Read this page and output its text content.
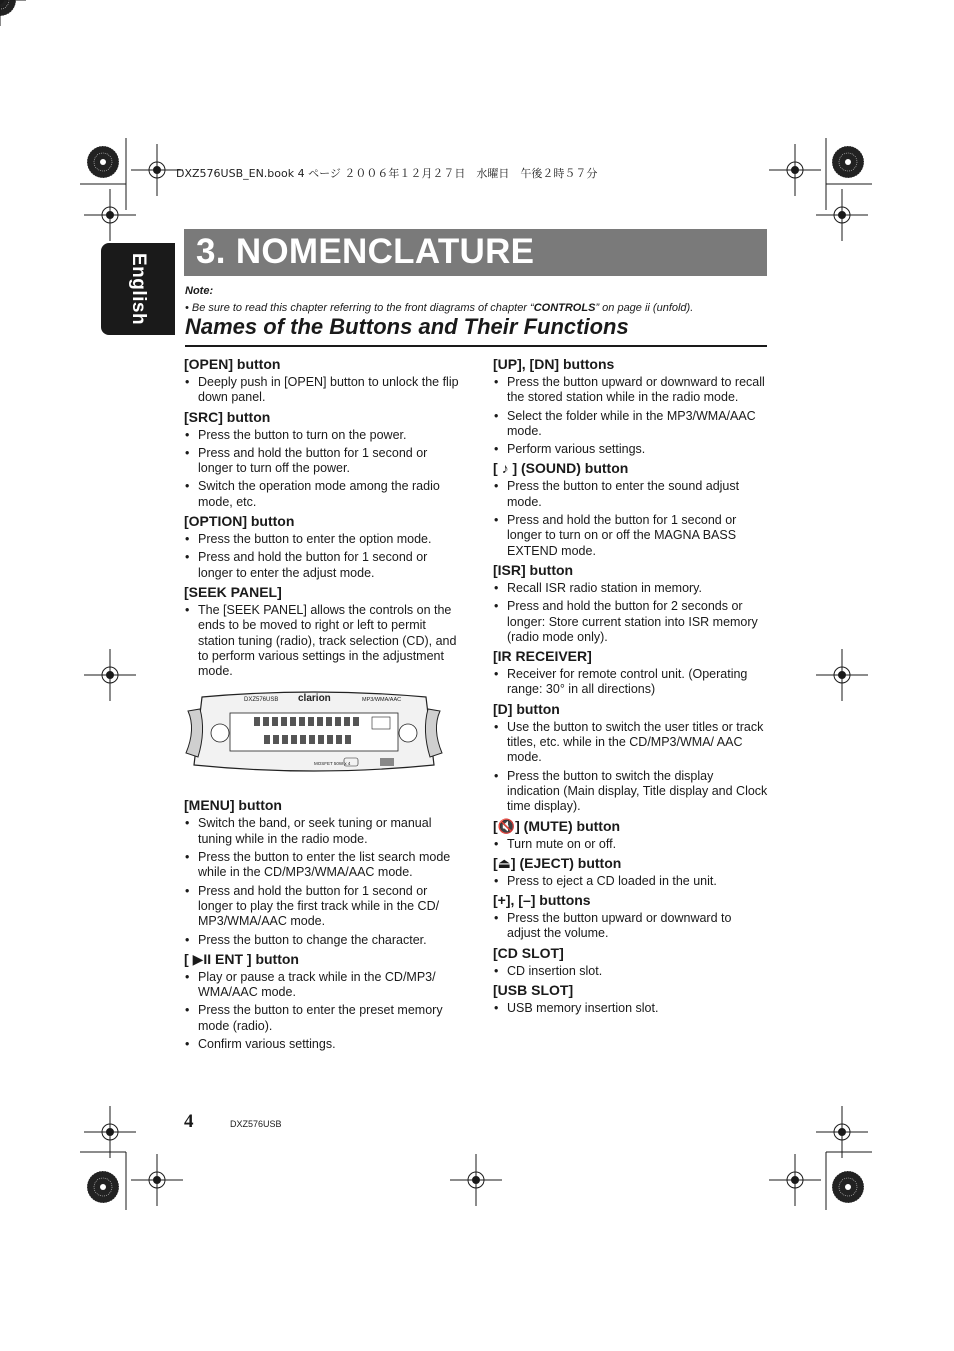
DXZ576USB_EN.book 4 ページ ２００６年１２月２７日　水曜日　午後２時５７分
English
3. NOMENCLATURE
Note:
• Be sure to read this chapter referring to the front diagrams of chapter “CONTROLS” on page ii (unfold).
Names of the Buttons and Their Functions
[OPEN] button
• Deeply push in [OPEN] button to unlock the flip down panel.
[SRC] button
• Press the button to turn on the power.
• Press and hold the button for 1 second or longer to turn off the power.
• Switch the operation mode among the radio mode, etc.
[OPTION] button
• Press the button to enter the option mode.
• Press and hold the button for 1 second or longer to enter the adjust mode.
[SEEK PANEL]
• The [SEEK PANEL] allows the controls on the ends to be moved to right or left to permit station tuning (radio), track selection (CD), and to perform various settings in the adjustment mode.
DXZ576USB clarion	MP3/WMA/AAC
MOSFET 50W x 4
[MENU] button
• Switch the band, or seek tuning or manual tuning while in the radio mode.
• Press the button to enter the list search mode while in the CD/MP3/WMA/AAC mode.
• Press and hold the button for 1 second or longer to play the first track while in the CD/ MP3/WMA/AAC mode.
• Press the button to change the character.
[ ▶II ENT ] button
• Play or pause a track while in the CD/MP3/ WMA/AAC mode.
• Press the button to enter the preset memory mode (radio).
• Confirm various settings.
[UP], [DN] buttons
• Press the button upward or downward to recall the stored station while in the radio mode.
• Select the folder while in the MP3/WMA/AAC mode.
• Perform various settings.
[ ♪ ] (SOUND) button
• Press the button to enter the sound adjust mode.
• Press and hold the button for 1 second or longer to turn on or off the MAGNA BASS EXTEND mode.
[ISR] button
• Recall ISR radio station in memory.
• Press and hold the button for 2 seconds or longer: Store current station into ISR memory (radio mode only).
[IR RECEIVER]
• Receiver for remote control unit. (Operating range: 30° in all directions)
[D] button
• Use the button to switch the user titles or track titles, etc. while in the CD/MP3/WMA/ AAC mode.
• Press the button to switch the display indication (Main display, Title display and Clock time display).
[🔇] (MUTE) button
• Turn mute on or off.
[⏏] (EJECT) button
• Press to eject a CD loaded in the unit.
[+], [–] buttons
• Press the button upward or downward to adjust the volume.
[CD SLOT]
• CD insertion slot.
[USB SLOT]
• USB memory insertion slot.
4	DXZ576USB
